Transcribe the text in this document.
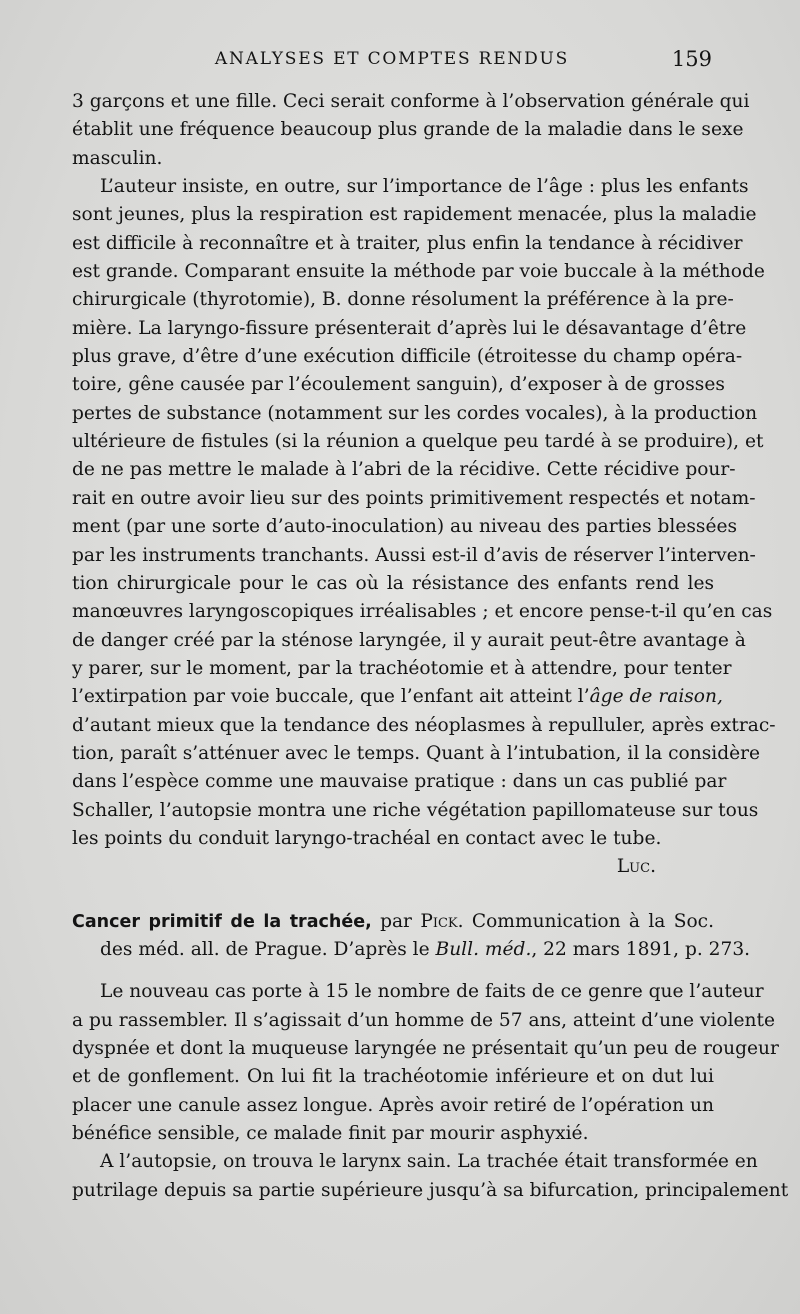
ANALYSES ET COMPTES RENDUS	159
3 garçons et une fille. Ceci serait conforme à l’observation générale qui
établit une fréquence beaucoup plus grande de la maladie dans le sexe
masculin.
L’auteur insiste, en outre, sur l’importance de l’âge : plus les enfants
sont jeunes, plus la respiration est rapidement menacée, plus la maladie
est difficile à reconnaître et à traiter, plus enfin la tendance à récidiver
est grande. Comparant ensuite la méthode par voie buccale à la méthode
chirurgicale (thyrotomie), B. donne résolument la préférence à la pre-
mière. La laryngo-fissure présenterait d’après lui le désavantage d’être
plus grave, d’être d’une exécution difficile (étroitesse du champ opéra-
toire, gêne causée par l’écoulement sanguin), d’exposer à de grosses
pertes de substance (notamment sur les cordes vocales), à la production
ultérieure de fistules (si la réunion a quelque peu tardé à se produire), et
de ne pas mettre le malade à l’abri de la récidive. Cette récidive pour-
rait en outre avoir lieu sur des points primitivement respectés et notam-
ment (par une sorte d’auto-inoculation) au niveau des parties blessées
par les instruments tranchants. Aussi est-il d’avis de réserver l’interven-
tion chirurgicale pour le cas où la résistance des enfants rend les
manœuvres laryngoscopiques irréalisables ; et encore pense-t-il qu’en cas
de danger créé par la sténose laryngée, il y aurait peut-être avantage à
y parer, sur le moment, par la trachéotomie et à attendre, pour tenter
l’extirpation par voie buccale, que l’enfant ait atteint l’âge de raison,
d’autant mieux que la tendance des néoplasmes à repulluler, après extrac-
tion, paraît s’atténuer avec le temps. Quant à l’intubation, il la considère
dans l’espèce comme une mauvaise pratique : dans un cas publié par
Schaller, l’autopsie montra une riche végétation papillomateuse sur tous
les points du conduit laryngo-trachéal en contact avec le tube.
Luc.
Cancer primitif de la trachée, par Pick. Communication à la Soc.
des méd. all. de Prague. D’après le Bull. méd., 22 mars 1891, p. 273.
Le nouveau cas porte à 15 le nombre de faits de ce genre que l’auteur
a pu rassembler. Il s’agissait d’un homme de 57 ans, atteint d’une violente
dyspnée et dont la muqueuse laryngée ne présentait qu’un peu de rougeur
et de gonflement. On lui fit la trachéotomie inférieure et on dut lui
placer une canule assez longue. Après avoir retiré de l’opération un
bénéfice sensible, ce malade finit par mourir asphyxié.
A l’autopsie, on trouva le larynx sain. La trachée était transformée en
putrilage depuis sa partie supérieure jusqu’à sa bifurcation, principalement
